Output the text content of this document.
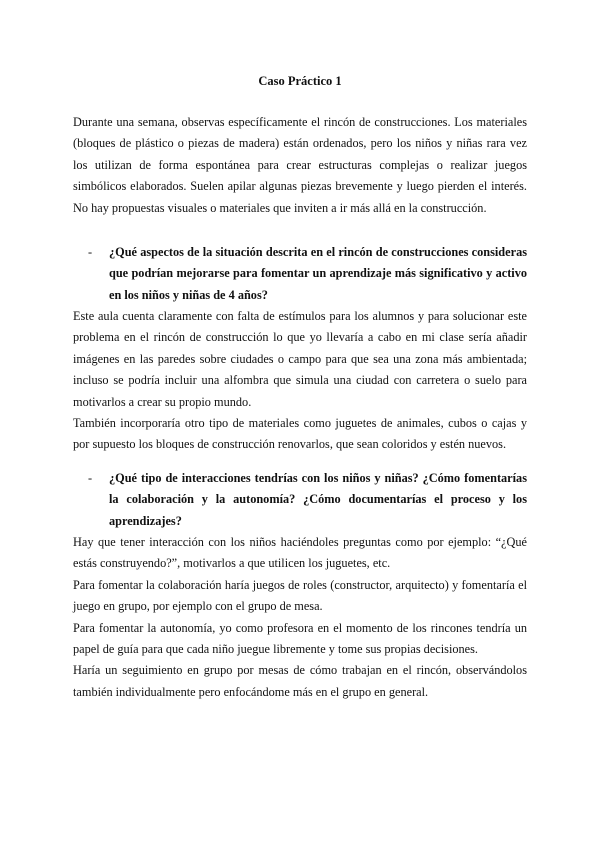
Caso Práctico 1

Durante una semana, observas específicamente el rincón de construcciones. Los materiales (bloques de plástico o piezas de madera) están ordenados, pero los niños y niñas rara vez los utilizan de forma espontánea para crear estructuras complejas o realizar juegos simbólicos elaborados. Suelen apilar algunas piezas brevemente y luego pierden el interés. No hay propuestas visuales o materiales que inviten a ir más allá en la construcción.

- ¿Qué aspectos de la situación descrita en el rincón de construcciones consideras que podrían mejorarse para fomentar un aprendizaje más significativo y activo en los niños y niñas de 4 años?

Este aula cuenta claramente con falta de estímulos para los alumnos y para solucionar este problema en el rincón de construcción lo que yo llevaría a cabo en mi clase sería añadir imágenes en las paredes sobre ciudades o campo para que sea una zona más ambientada; incluso se podría incluir una alfombra que simula una ciudad con carretera o suelo para motivarlos a crear su propio mundo.

También incorporaría otro tipo de materiales como juguetes de animales, cubos o cajas y por supuesto los bloques de construcción renovarlos, que sean coloridos y estén nuevos.

- ¿Qué tipo de interacciones tendrías con los niños y niñas? ¿Cómo fomentarías la colaboración y la autonomía? ¿Cómo documentarías el proceso y los aprendizajes?

Hay que tener interacción con los niños haciéndoles preguntas como por ejemplo: “¿Qué estás construyendo?”, motivarlos a que utilicen los juguetes, etc.

Para fomentar la colaboración haría juegos de roles (constructor, arquitecto) y fomentaría el juego en grupo, por ejemplo con el grupo de mesa.

Para fomentar la autonomía, yo como profesora en el momento de los rincones tendría un papel de guía para que cada niño juegue libremente y tome sus propias decisiones.

Haría un seguimiento en grupo por mesas de cómo trabajan en el rincón, observándolos también individualmente pero enfocándome más en el grupo en general.
